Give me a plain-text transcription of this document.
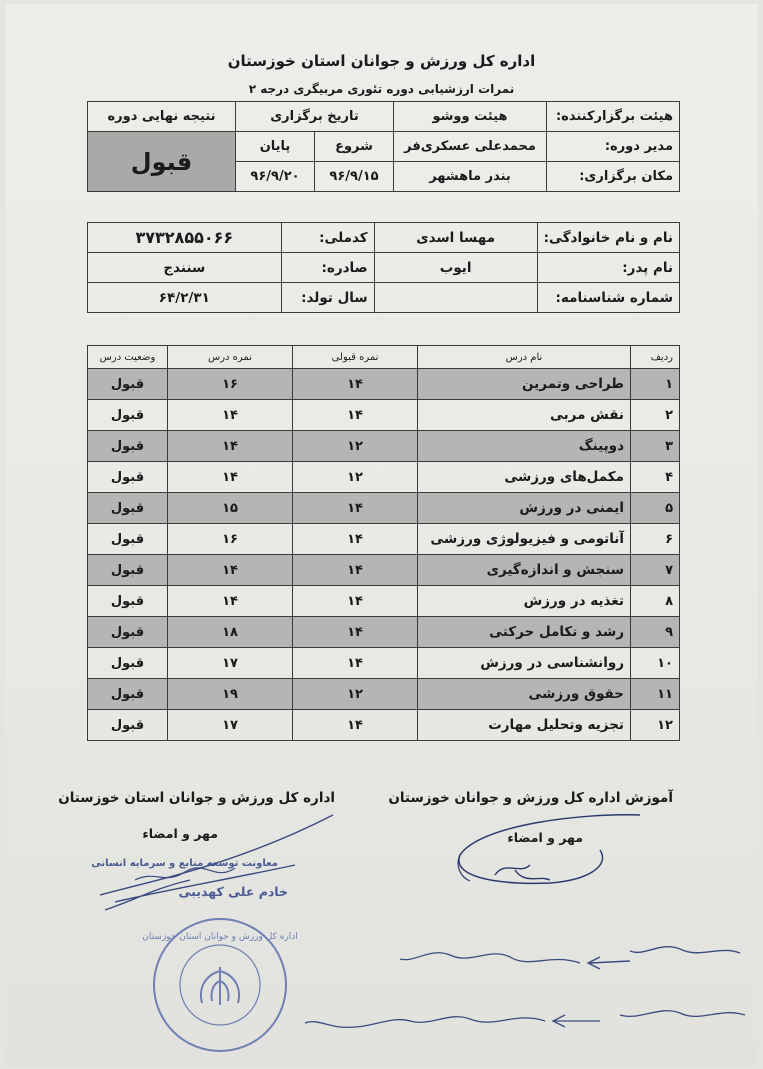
اداره کل ورزش و جوانان استان خوزستان
نمرات ارزشیابی دوره تئوری مربیگری درجه ۲
هیئت برگزارکننده:	هیئت ووشو	تاریخ برگزاری		نتیجه نهایی دوره
مدیر دوره:	محمدعلی عسکری‌فر	شروع	پایان	قبول
مکان برگزاری:	بندر ماهشهر	۹۶/۹/۱۵	۹۶/۹/۲۰	
نام و نام خانوادگی:	مهسا اسدی	کدملی:	۳۷۳۲۸۵۵۰۶۶
نام پدر:	ایوب	صادره:	سنندج
شماره شناسنامه:		سال تولد:	۶۴/۲/۳۱
ردیف	نام درس	نمره قبولی	نمره درس	وضعیت درس
۱	طراحی وتمرین	۱۴	۱۶	قبول
۲	نقش مربی	۱۴	۱۴	قبول
۳	دوپینگ	۱۲	۱۴	قبول
۴	مکمل‌های ورزشی	۱۲	۱۴	قبول
۵	ایمنی در ورزش	۱۴	۱۵	قبول
۶	آناتومی و فیزیولوژی ورزشی	۱۴	۱۶	قبول
۷	سنجش و اندازه‌گیری	۱۴	۱۴	قبول
۸	تغذیه در ورزش	۱۴	۱۴	قبول
۹	رشد و تکامل حرکتی	۱۴	۱۸	قبول
۱۰	روانشناسی در ورزش	۱۴	۱۷	قبول
۱۱	حقوق ورزشی	۱۲	۱۹	قبول
۱۲	تجزیه وتحلیل مهارت	۱۴	۱۷	قبول
اداره کل ورزش و جوانان استان خوزستان
مهر و امضاء
معاونت توسعه منابع و سرمایه انسانی
خادم علی کهدیبی
آموزش اداره کل ورزش و جوانان خوزستان
مهر و امضاء
اداره کل ورزش و جوانان استان خوزستان
